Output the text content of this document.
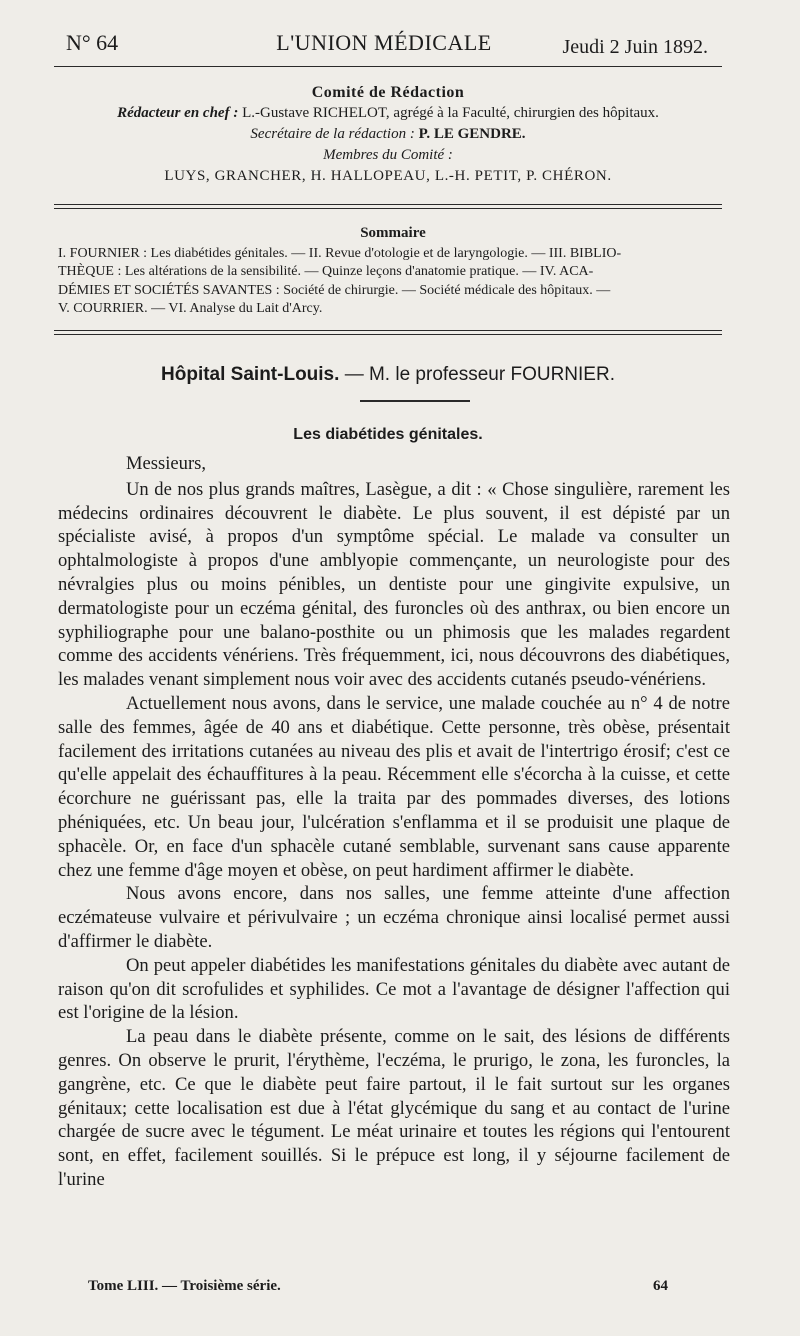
N° 64	L'UNION MÉDICALE	Jeudi 2 Juin 1892.
Comité de Rédaction
Rédacteur en chef : L.-Gustave RICHELOT, agrégé à la Faculté, chirurgien des hôpitaux.
Secrétaire de la rédaction : P. LE GENDRE.
Membres du Comité :
LUYS, GRANCHER, H. HALLOPEAU, L.-H. PETIT, P. CHÉRON.
Sommaire
I. FOURNIER : Les diabétides génitales. — II. Revue d'otologie et de laryngologie. — III. BIBLIO-
THÈQUE : Les altérations de la sensibilité. — Quinze leçons d'anatomie pratique. — IV. ACA-
DÉMIES ET SOCIÉTÉS SAVANTES : Société de chirurgie. — Société médicale des hôpitaux. —
V. COURRIER. — VI. Analyse du Lait d'Arcy.
Hôpital Saint-Louis. — M. le professeur FOURNIER.
Les diabétides génitales.

Messieurs,

Un de nos plus grands maîtres, Lasègue, a dit : « Chose singulière, rarement les médecins ordinaires découvrent le diabète. Le plus souvent, il est dépisté par un spécialiste avisé, à propos d'un symptôme spécial. Le malade va consulter un ophtalmologiste à propos d'une amblyopie commençante, un neurologiste pour des névralgies plus ou moins pénibles, un dentiste pour une gingivite expulsive, un dermatologiste pour un eczéma génital, des furoncles où des anthrax, ou bien encore un syphiliographe pour une balano-posthite ou un phimosis que les malades regardent comme des accidents vénériens. Très fréquemment, ici, nous découvrons des diabétiques, les malades venant simplement nous voir avec des accidents cutanés pseudo-vénériens.

Actuellement nous avons, dans le service, une malade couchée au n° 4 de notre salle des femmes, âgée de 40 ans et diabétique. Cette personne, très obèse, présentait facilement des irritations cutanées au niveau des plis et avait de l'intertrigo érosif; c'est ce qu'elle appelait des échauffitures à la peau. Récemment elle s'écorcha à la cuisse, et cette écorchure ne guérissant pas, elle la traita par des pommades diverses, des lotions phéniquées, etc. Un beau jour, l'ulcération s'enflamma et il se produisit une plaque de sphacèle. Or, en face d'un sphacèle cutané semblable, survenant sans cause apparente chez une femme d'âge moyen et obèse, on peut hardiment affirmer le diabète.

Nous avons encore, dans nos salles, une femme atteinte d'une affection eczémateuse vulvaire et périvulvaire ; un eczéma chronique ainsi localisé permet aussi d'affirmer le diabète.

On peut appeler diabétides les manifestations génitales du diabète avec autant de raison qu'on dit scrofulides et syphilides. Ce mot a l'avantage de désigner l'affection qui est l'origine de la lésion.

La peau dans le diabète présente, comme on le sait, des lésions de différents genres. On observe le prurit, l'érythème, l'eczéma, le prurigo, le zona, les furoncles, la gangrène, etc. Ce que le diabète peut faire partout, il le fait surtout sur les organes génitaux; cette localisation est due à l'état glycémique du sang et au contact de l'urine chargée de sucre avec le tégument. Le méat urinaire et toutes les régions qui l'entourent sont, en effet, facilement souillés. Si le prépuce est long, il y séjourne facilement de l'urine

Tome LIII. — Troisième série.	64
